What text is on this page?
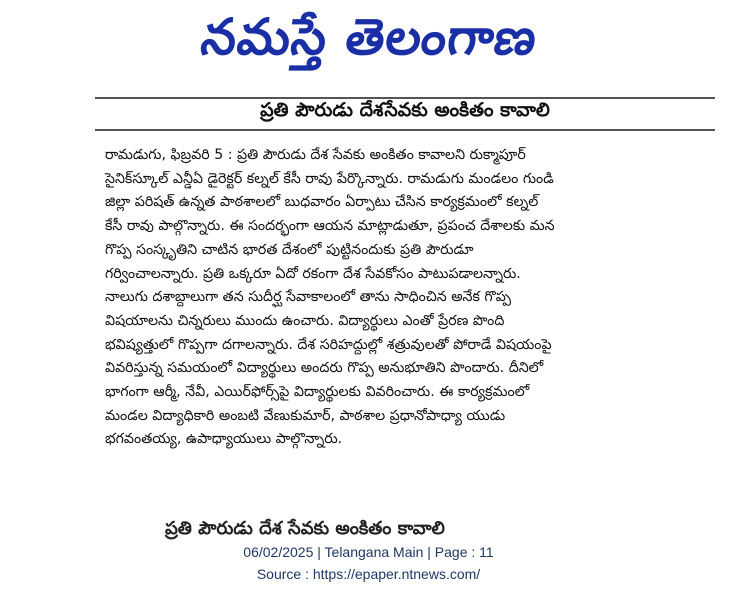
నమస్తే తెలంగాణ
ప్రతి పౌరుడు దేశసేవకు అంకితం కావాలి
రామడుగు, ఫిబ్రవరి 5 : ప్రతి పౌరుడు దేశ సేవకు అంకితం కావాలని రుక్మాపూర్
సైనిక్‌స్కూల్ ఎన్డీఏ డైరెక్టర్ కల్నల్ కేసీ రావు పేర్కొన్నారు. రామడుగు మండలం గుండి
జిల్లా పరిషత్ ఉన్నత పాఠశాలలో బుధవారం ఏర్పాటు చేసిన కార్యక్రమంలో కల్నల్
కేసీ రావు పాల్గొన్నారు. ఈ సందర్భంగా ఆయన మాట్లాడుతూ, ప్రపంచ దేశాలకు మన
గొప్ప సంస్కృతిని చాటిన భారత దేశంలో పుట్టినందుకు ప్రతి పౌరుడూ
గర్వించాలన్నారు. ప్రతి ఒక్కరూ ఏదో రకంగా దేశ సేవకోసం పాటుపడాలన్నారు.
నాలుగు దశాబ్దాలుగా తన సుదీర్ఘ సేవాకాలంలో తాను సాధించిన అనేక గొప్ప
విషయాలను చిన్నరులు ముందు ఉంచారు. విద్యార్థులు ఎంతో ప్రేరణ పొంది
భవిష్యత్తులో గొప్పగా దగాలన్నారు. దేశ సరిహద్దుల్లో శత్రువులతో పోరాడే విషయంపై
వివరిస్తున్న సమయంలో విద్యార్థులు అందరు గొప్ప అనుభూతిని పొందారు. దీనిలో
భాగంగా ఆర్మీ, నేవీ, ఎయిర్‌ఫోర్స్‌పై విద్యార్థులకు వివరించారు. ఈ కార్యక్రమంలో
మండల విద్యాధికారి అంబటి వేణుకుమార్, పాఠశాల ప్రధానోపాధ్యా యుడు
భగవంతయ్య, ఉపాధ్యాయులు పాల్గొన్నారు.
ప్రతి పౌరుడు దేశ సేవకు అంకితం కావాలి
06/02/2025 | Telangana Main | Page : 11
Source : https://epaper.ntnews.com/
